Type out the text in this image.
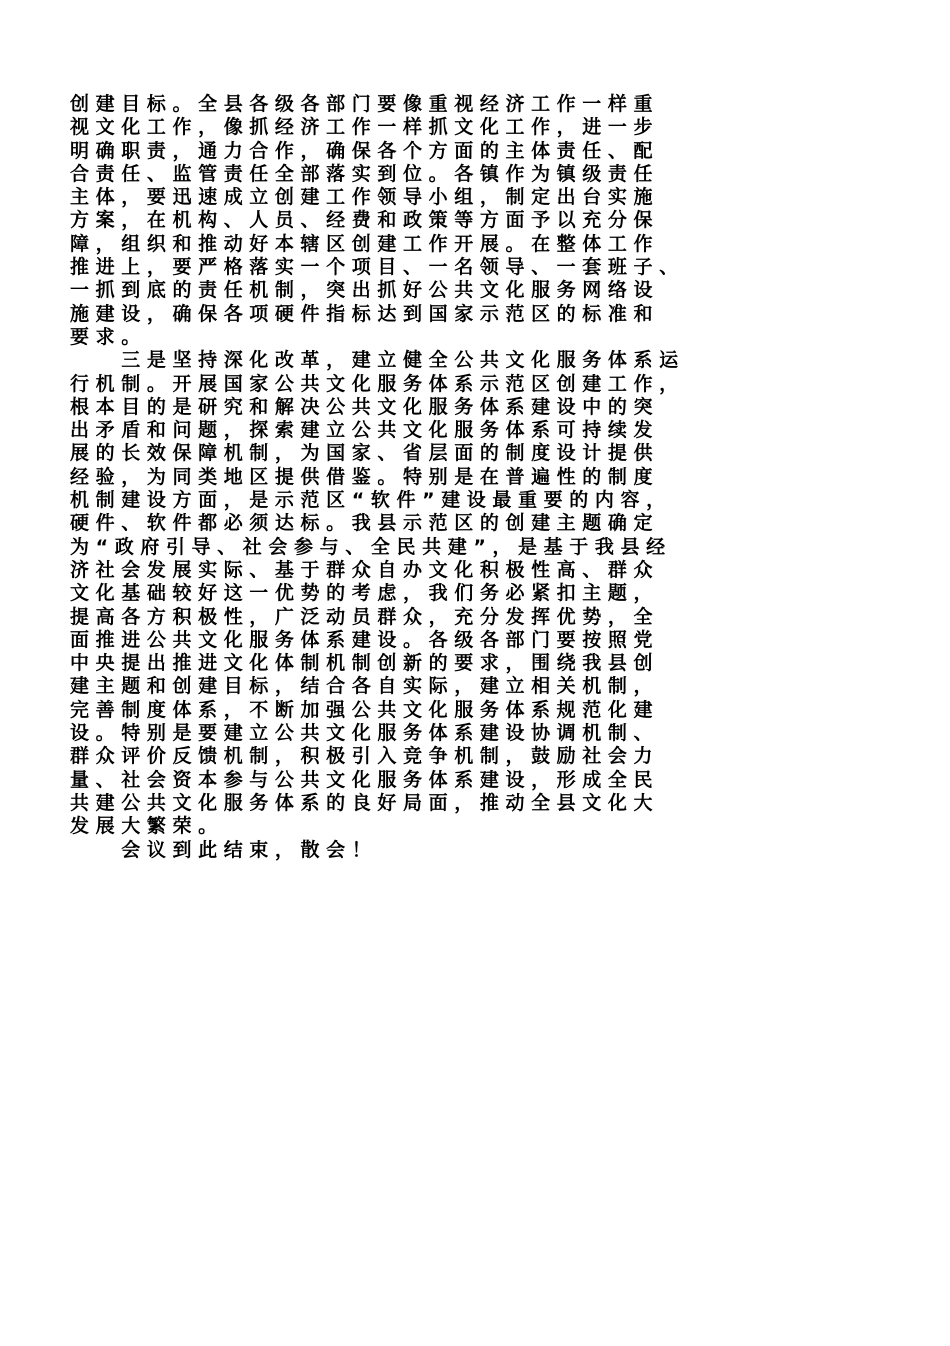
创 建 目 标 。 全 县 各 级 各 部 门 要 像 重 视 经 济 工 作 一 样 重
视 文 化 工 作 ， 像 抓 经 济 工 作 一 样 抓 文 化 工 作 ， 进 一 步
明 确 职 责 ， 通 力 合 作 ， 确 保 各 个 方 面 的 主 体 责 任 、 配
合 责 任 、 监 管 责 任 全 部 落 实 到 位 。 各 镇 作 为 镇 级 责 任
主 体 ， 要 迅 速 成 立 创 建 工 作 领 导 小 组 ， 制 定 出 台 实 施
方 案 ， 在 机 构 、 人 员 、 经 费 和 政 策 等 方 面 予 以 充 分 保
障 ， 组 织 和 推 动 好 本 辖 区 创 建 工 作 开 展 。 在 整 体 工 作
推 进 上 ， 要 严 格 落 实 一 个 项 目 、 一 名 领 导 、 一 套 班 子 、
一 抓 到 底 的 责 任 机 制 ， 突 出 抓 好 公 共 文 化 服 务 网 络 设
施 建 设 ， 确 保 各 项 硬 件 指 标 达 到 国 家 示 范 区 的 标 准 和
要 求 。
　 　 三 是 坚 持 深 化 改 革 ， 建 立 健 全 公 共 文 化 服 务 体 系 运
行 机 制 。 开 展 国 家 公 共 文 化 服 务 体 系 示 范 区 创 建 工 作 ，
根 本 目 的 是 研 究 和 解 决 公 共 文 化 服 务 体 系 建 设 中 的 突
出 矛 盾 和 问 题 ， 探 索 建 立 公 共 文 化 服 务 体 系 可 持 续 发
展 的 长 效 保 障 机 制 ， 为 国 家 、 省 层 面 的 制 度 设 计 提 供
经 验 ， 为 同 类 地 区 提 供 借 鉴 。 特 别 是 在 普 遍 性 的 制 度
机 制 建 设 方 面 ， 是 示 范 区 “ 软 件 ” 建 设 最 重 要 的 内 容 ，
硬 件 、 软 件 都 必 须 达 标 。 我 县 示 范 区 的 创 建 主 题 确 定
为 “ 政 府 引 导 、 社 会 参 与 、 全 民 共 建 ” ， 是 基 于 我 县 经
济 社 会 发 展 实 际 、 基 于 群 众 自 办 文 化 积 极 性 高 、 群 众
文 化 基 础 较 好 这 一 优 势 的 考 虑 ， 我 们 务 必 紧 扣 主 题 ，
提 高 各 方 积 极 性 ， 广 泛 动 员 群 众 ， 充 分 发 挥 优 势 ， 全
面 推 进 公 共 文 化 服 务 体 系 建 设 。 各 级 各 部 门 要 按 照 党
中 央 提 出 推 进 文 化 体 制 机 制 创 新 的 要 求 ， 围 绕 我 县 创
建 主 题 和 创 建 目 标 ， 结 合 各 自 实 际 ， 建 立 相 关 机 制 ，
完 善 制 度 体 系 ， 不 断 加 强 公 共 文 化 服 务 体 系 规 范 化 建
设 。 特 别 是 要 建 立 公 共 文 化 服 务 体 系 建 设 协 调 机 制 、
群 众 评 价 反 馈 机 制 ， 积 极 引 入 竞 争 机 制 ， 鼓 励 社 会 力
量 、 社 会 资 本 参 与 公 共 文 化 服 务 体 系 建 设 ， 形 成 全 民
共 建 公 共 文 化 服 务 体 系 的 良 好 局 面 ， 推 动 全 县 文 化 大
发 展 大 繁 荣 。
　 　 会 议 到 此 结 束 ， 散 会 ！
